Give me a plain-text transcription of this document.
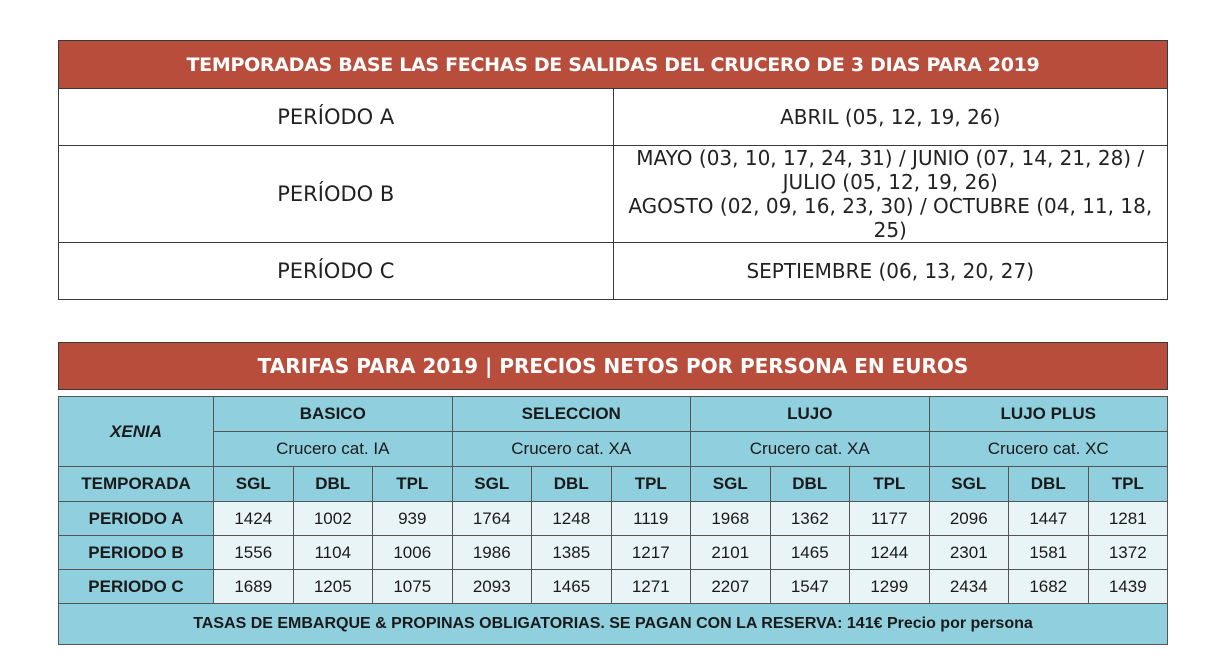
TEMPORADAS BASE LAS FECHAS DE SALIDAS DEL CRUCERO DE 3 DIAS PARA 2019	
PERÍODO A	ABRIL (05, 12, 19, 26)

PERÍODO B	MAYO (03, 10, 17, 24, 31) / JUNIO (07, 14, 21, 28) / JULIO (05, 12, 19, 26)
AGOSTO (02, 09, 16, 23, 30) / OCTUBRE (04, 11, 18, 25)

PERÍODO C	SEPTIEMBRE (06, 13, 20, 27)
TARIFAS PARA 2019 | PRECIOS NETOS POR PERSONA EN EUROS
XENIA	BASICO			SELECCION			LUJO			LUJO PLUS		
	Crucero cat. IA			Crucero cat. XA			Crucero cat. XA			Crucero cat. XC		
TEMPORADA	SGL	DBL	TPL	SGL	DBL	TPL	SGL	DBL	TPL	SGL	DBL	TPL
PERIODO A	1424	1002	939	1764	1248	1119	1968	1362	1177	2096	1447	1281
PERIODO B	1556	1104	1006	1986	1385	1217	2101	1465	1244	2301	1581	1372
PERIODO C	1689	1205	1075	2093	1465	1271	2207	1547	1299	2434	1682	1439
TASAS DE EMBARQUE & PROPINAS OBLIGATORIAS. SE PAGAN CON LA RESERVA: 141€ Precio por persona												
